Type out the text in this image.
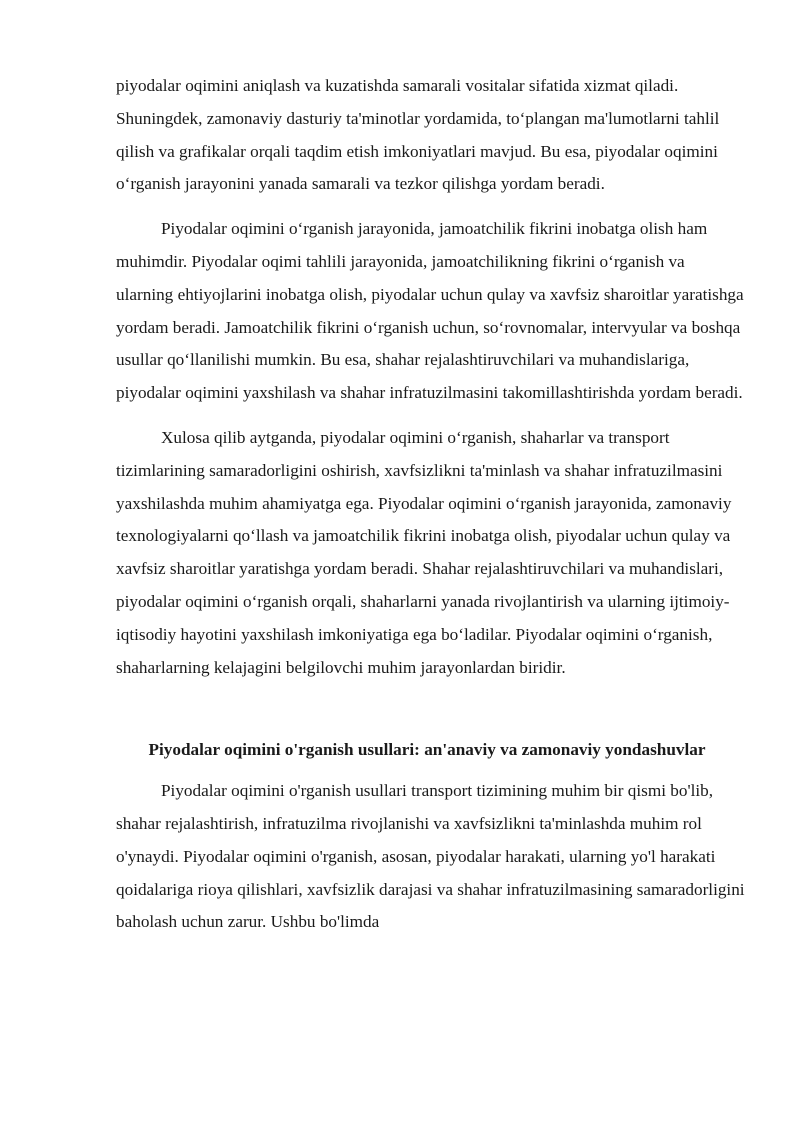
piyodalar oqimini aniqlash va kuzatishda samarali vositalar sifatida xizmat qiladi. Shuningdek, zamonaviy dasturiy ta'minotlar yordamida, to‘plangan ma'lumotlarni tahlil qilish va grafikalar orqali taqdim etish imkoniyatlari mavjud. Bu esa, piyodalar oqimini o‘rganish jarayonini yanada samarali va tezkor qilishga yordam beradi.

Piyodalar oqimini o‘rganish jarayonida, jamoatchilik fikrini inobatga olish ham muhimdir. Piyodalar oqimi tahlili jarayonida, jamoatchilikning fikrini o‘rganish va ularning ehtiyojlarini inobatga olish, piyodalar uchun qulay va xavfsiz sharoitlar yaratishga yordam beradi. Jamoatchilik fikrini o‘rganish uchun, so‘rovnomalar, intervyular va boshqa usullar qo‘llanilishi mumkin. Bu esa, shahar rejalashtiruvchilari va muhandislariga, piyodalar oqimini yaxshilash va shahar infratuzilmasini takomillashtirishda yordam beradi.

Xulosa qilib aytganda, piyodalar oqimini o‘rganish, shaharlar va transport tizimlarining samaradorligini oshirish, xavfsizlikni ta'minlash va shahar infratuzilmasini yaxshilashda muhim ahamiyatga ega. Piyodalar oqimini o‘rganish jarayonida, zamonaviy texnologiyalarni qo‘llash va jamoatchilik fikrini inobatga olish, piyodalar uchun qulay va xavfsiz sharoitlar yaratishga yordam beradi. Shahar rejalashtiruvchilari va muhandislari, piyodalar oqimini o‘rganish orqali, shaharlarni yanada rivojlantirish va ularning ijtimoiy-iqtisodiy hayotini yaxshilash imkoniyatiga ega bo‘ladilar. Piyodalar oqimini o‘rganish, shaharlarning kelajagini belgilovchi muhim jarayonlardan biridir.

Piyodalar oqimini o'rganish usullari: an'anaviy va zamonaviy yondashuvlar

Piyodalar oqimini o'rganish usullari transport tizimining muhim bir qismi bo'lib, shahar rejalashtirish, infratuzilma rivojlanishi va xavfsizlikni ta'minlashda muhim rol o'ynaydi. Piyodalar oqimini o'rganish, asosan, piyodalar harakati, ularning yo'l harakati qoidalariga rioya qilishlari, xavfsizlik darajasi va shahar infratuzilmasining samaradorligini baholash uchun zarur. Ushbu bo'limda
